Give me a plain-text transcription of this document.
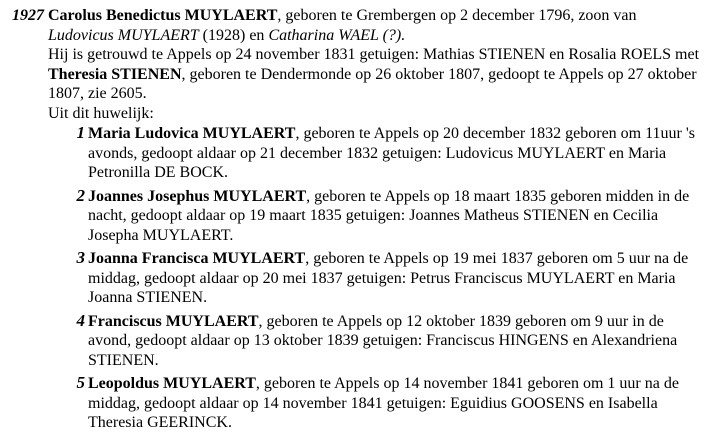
1927 Carolus Benedictus MUYLAERT, geboren te Grembergen op 2 december 1796, zoon van
Ludovicus MUYLAERT (1928) en Catharina WAEL (?).
Hij is getrouwd te Appels op 24 november 1831 getuigen: Mathias STIENEN en Rosalia ROELS met Theresia STIENEN, geboren te Dendermonde op 26 oktober 1807, gedoopt te Appels op 27 oktober 1807, zie 2605.

Uit dit huwelijk:

1 Maria Ludovica MUYLAERT, geboren te Appels op 20 december 1832 geboren om 11uur 's avonds, gedoopt aldaar op 21 december 1832 getuigen: Ludovicus MUYLAERT en Maria Petronilla DE BOCK.
2 Joannes Josephus MUYLAERT, geboren te Appels op 18 maart 1835 geboren midden in de nacht, gedoopt aldaar op 19 maart 1835 getuigen: Joannes Matheus STIENEN en Cecilia Josepha MUYLAERT.
3 Joanna Francisca MUYLAERT, geboren te Appels op 19 mei 1837 geboren om 5 uur na de middag, gedoopt aldaar op 20 mei 1837 getuigen: Petrus Franciscus MUYLAERT en Maria Joanna STIENEN.
4 Franciscus MUYLAERT, geboren te Appels op 12 oktober 1839 geboren om 9 uur in de avond, gedoopt aldaar op 13 oktober 1839 getuigen: Franciscus HINGENS en Alexandriena STIENEN.
5 Leopoldus MUYLAERT, geboren te Appels op 14 november 1841 geboren om 1 uur na de middag, gedoopt aldaar op 14 november 1841 getuigen: Eguidius GOOSENS en Isabella Theresia GEERINCK.
